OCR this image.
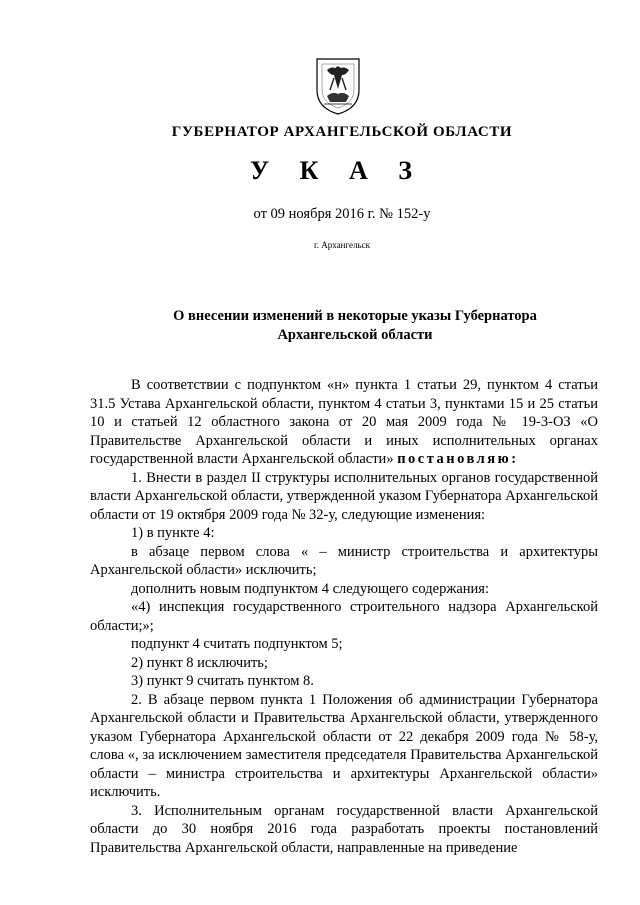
ГУБЕРНАТОР АРХАНГЕЛЬСКОЙ ОБЛАСТИ
У К А З
от 09 ноября 2016 г. № 152-у
г. Архангельск
О внесении изменений в некоторые указы Губернатора
Архангельской области

В соответствии с подпунктом «н» пункта 1 статьи 29, пунктом 4 статьи 31.5 Устава Архангельской области, пунктом 4 статьи 3, пунктами 15 и 25 статьи 10 и статьей 12 областного закона от 20 мая 2009 года № 19-3-ОЗ «О Правительстве Архангельской области и иных исполнительных органах государственной власти Архангельской области» постановляю:

1. Внести в раздел II структуры исполнительных органов государственной власти Архангельской области, утвержденной указом Губернатора Архангельской области от 19 октября 2009 года № 32-у, следующие изменения:

1) в пункте 4:

в абзаце первом слова « – министр строительства и архитектуры Архангельской области» исключить;

дополнить новым подпунктом 4 следующего содержания:

«4) инспекция государственного строительного надзора Архангельской области;»;

подпункт 4 считать подпунктом 5;

2) пункт 8 исключить;

3) пункт 9 считать пунктом 8.

2. В абзаце первом пункта 1 Положения об администрации Губернатора Архангельской области и Правительства Архангельской области, утвержденного указом Губернатора Архангельской области от 22 декабря 2009 года № 58-у, слова «, за исключением заместителя председателя Правительства Архангельской области – министра строительства и архитектуры Архангельской области» исключить.

3. Исполнительным органам государственной власти Архангельской области до 30 ноября 2016 года разработать проекты постановлений Правительства Архангельской области, направленные на приведение
